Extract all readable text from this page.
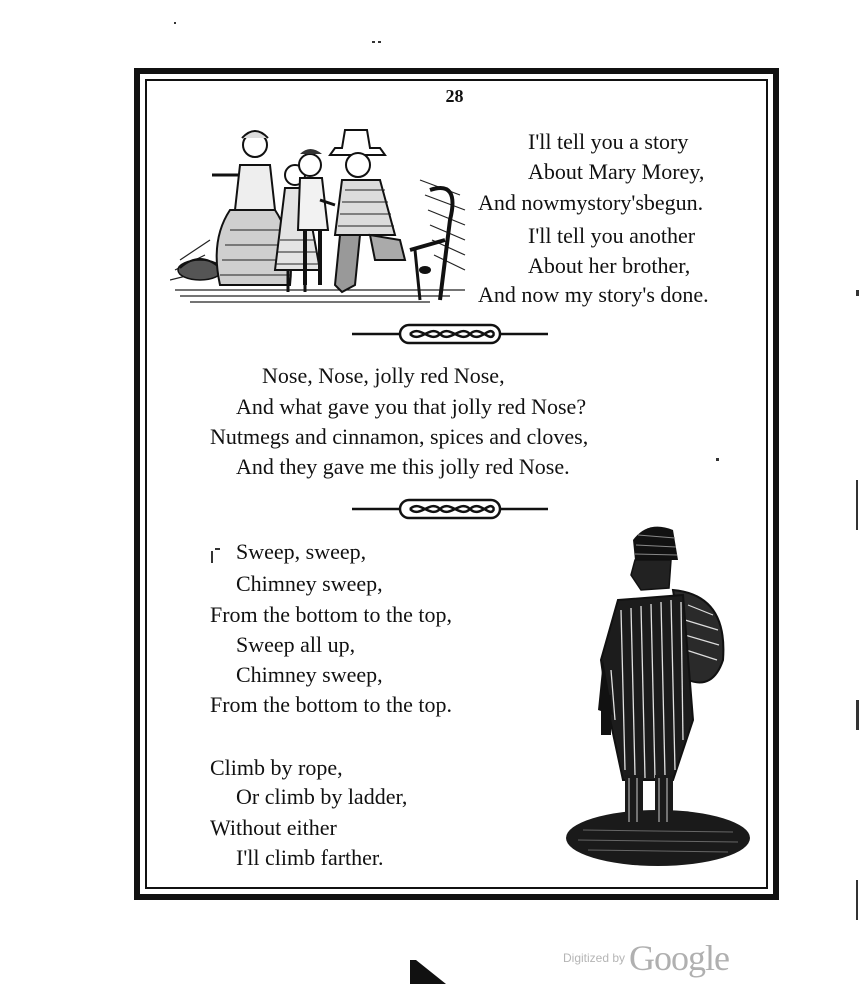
28
I'll tell you a story
About Mary Morey,
And nowmystory'sbegun.
I'll tell you another
About her brother,
And now my story's done.
Nose, Nose, jolly red Nose,
And what gave you that jolly red Nose?
Nutmegs and cinnamon, spices and cloves,
And they gave me this jolly red Nose.
Sweep, sweep,
Chimney sweep,
From the bottom to the top,
Sweep all up,
Chimney sweep,
From the bottom to the top.
Climb by rope,
Or climb by ladder,
Without either
I'll climb farther.
Digitized by Google
